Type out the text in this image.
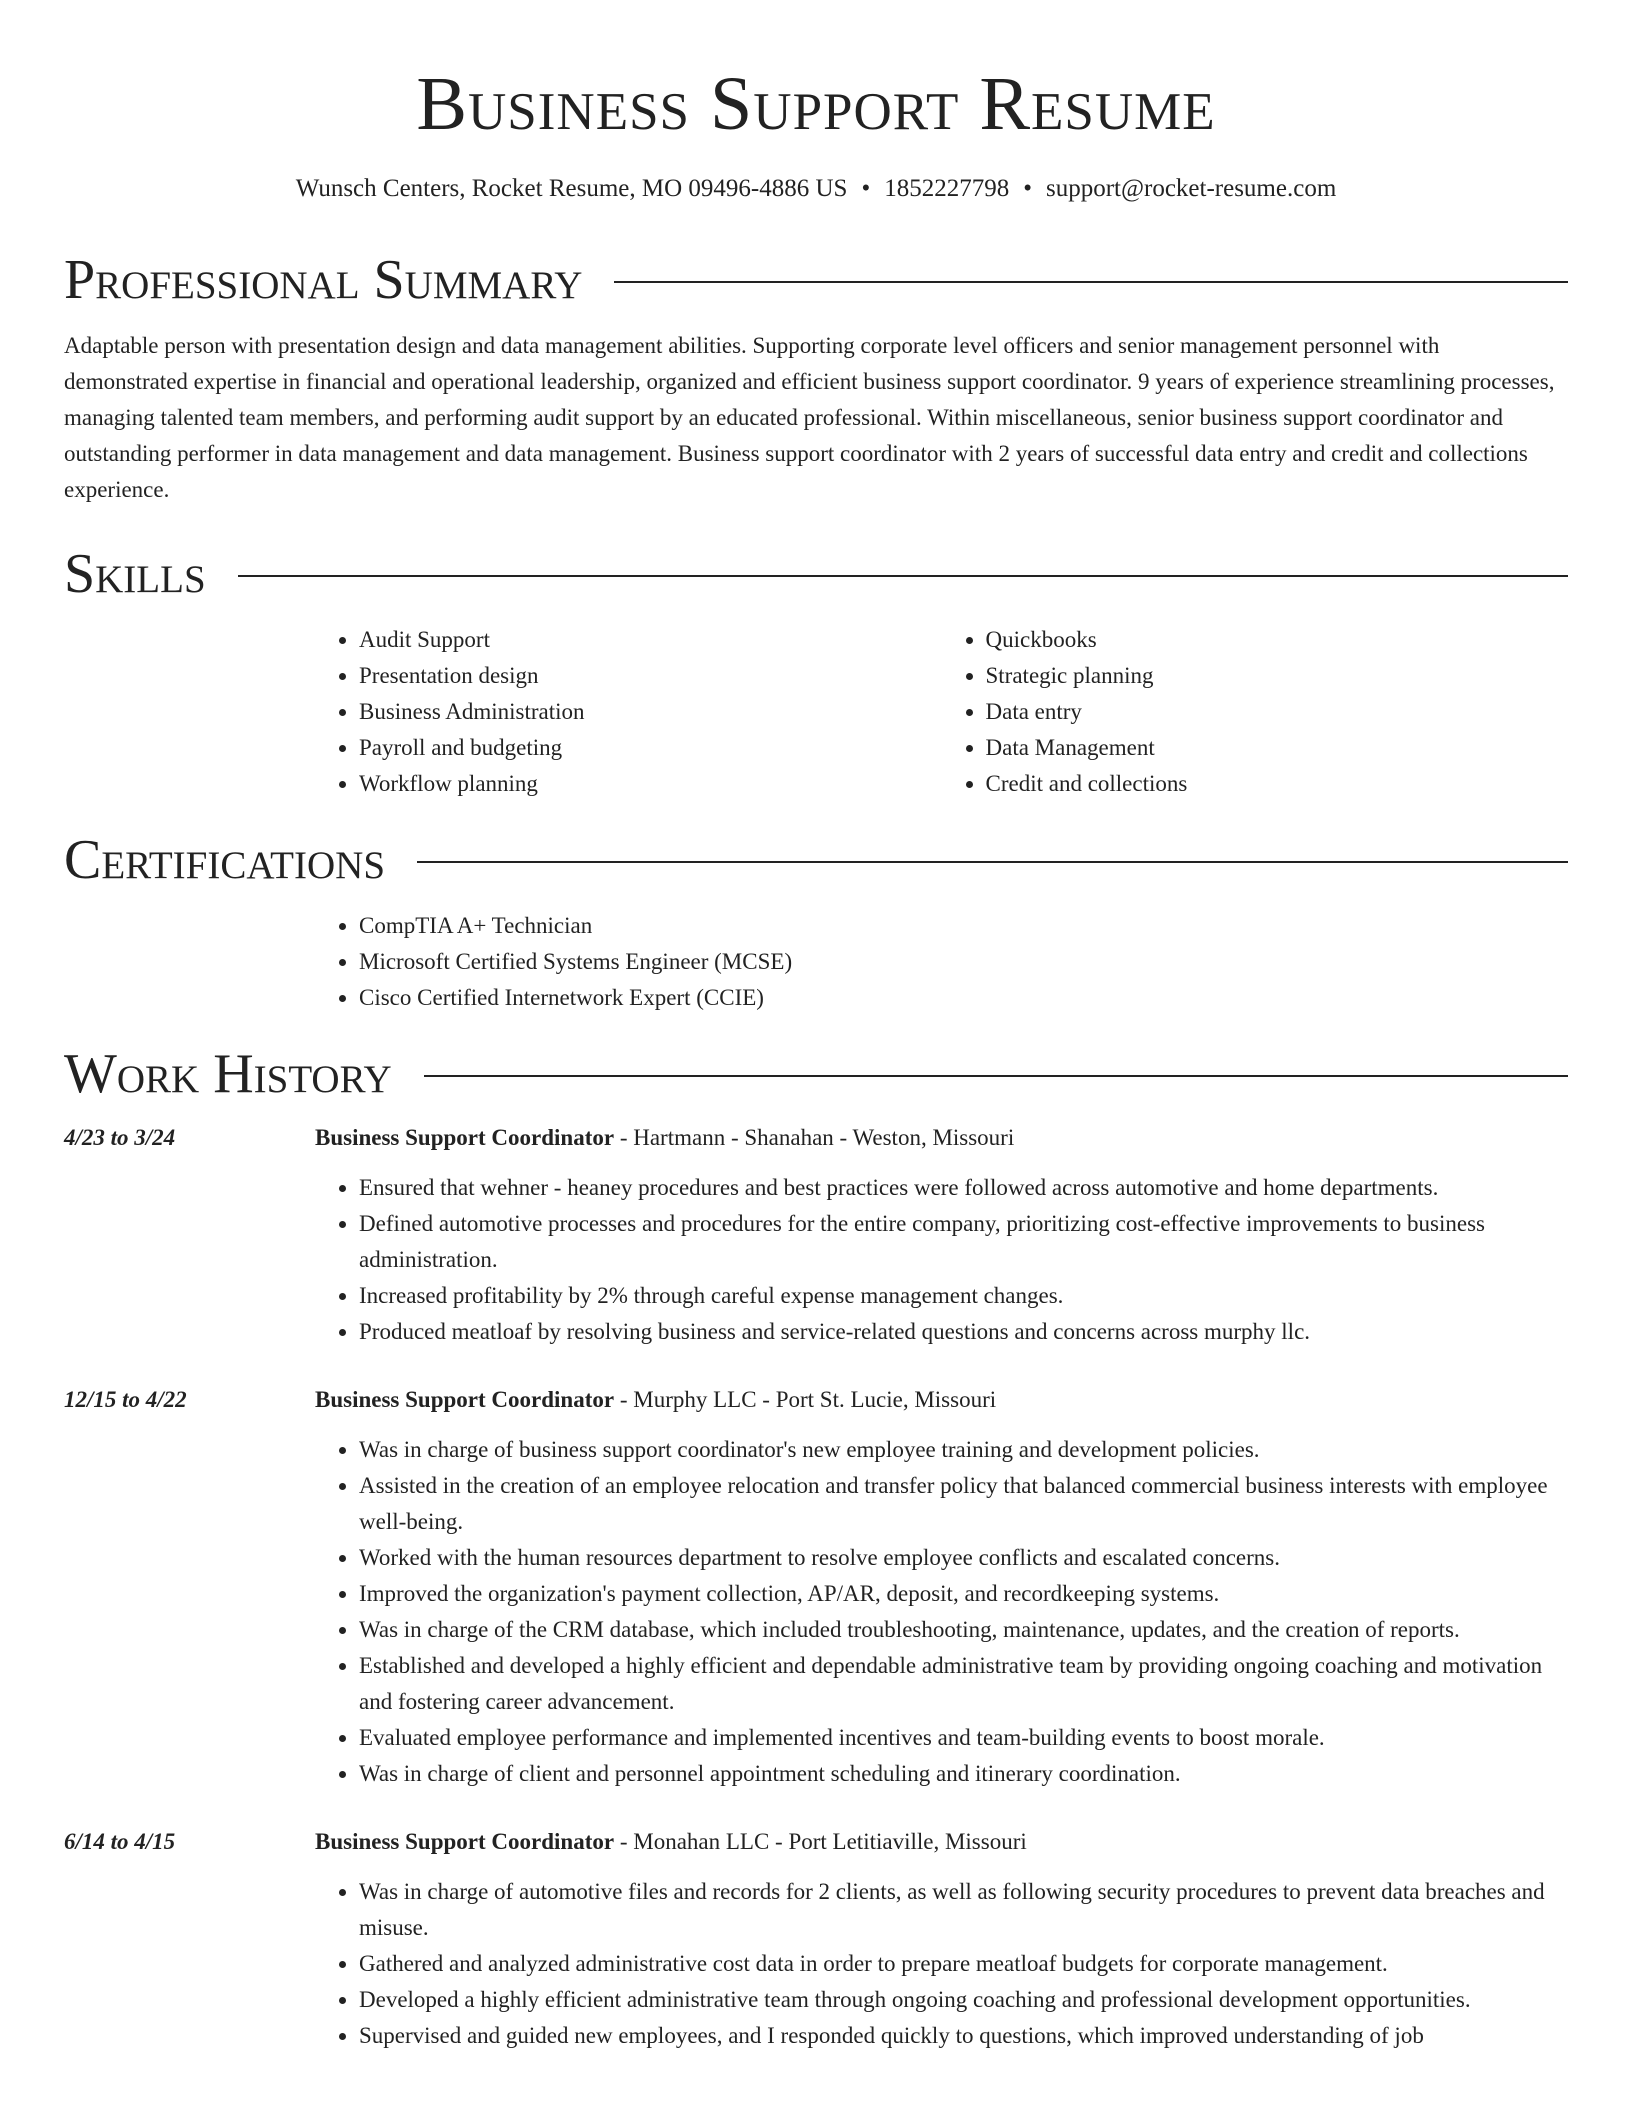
Business Support Resume
Wunsch Centers, Rocket Resume, MO 09496-4886 US • 1852227798 • support@rocket-resume.com
Professional Summary

Adaptable person with presentation design and data management abilities. Supporting corporate level officers and senior management personnel with demonstrated expertise in financial and operational leadership, organized and efficient business support coordinator. 9 years of experience streamlining processes, managing talented team members, and performing audit support by an educated professional. Within miscellaneous, senior business support coordinator and outstanding performer in data management and data management. Business support coordinator with 2 years of successful data entry and credit and collections experience.

Skills
• Audit Support
• Presentation design
• Business Administration
• Payroll and budgeting
• Workflow planning
• Quickbooks
• Strategic planning
• Data entry
• Data Management
• Credit and collections
Certifications
• CompTIA A+ Technician
• Microsoft Certified Systems Engineer (MCSE)
• Cisco Certified Internetwork Expert (CCIE)
Work History
4/23 to 3/24	Business Support Coordinator - Hartmann - Shanahan - Weston, Missouri
• Ensured that wehner - heaney procedures and best practices were followed across automotive and home departments.
• Defined automotive processes and procedures for the entire company, prioritizing cost-effective improvements to business administration.
• Increased profitability by 2% through careful expense management changes.
• Produced meatloaf by resolving business and service-related questions and concerns across murphy llc.
12/15 to 4/22	Business Support Coordinator - Murphy LLC - Port St. Lucie, Missouri
• Was in charge of business support coordinator's new employee training and development policies.
• Assisted in the creation of an employee relocation and transfer policy that balanced commercial business interests with employee well-being.
• Worked with the human resources department to resolve employee conflicts and escalated concerns.
• Improved the organization's payment collection, AP/AR, deposit, and recordkeeping systems.
• Was in charge of the CRM database, which included troubleshooting, maintenance, updates, and the creation of reports.
• Established and developed a highly efficient and dependable administrative team by providing ongoing coaching and motivation and fostering career advancement.
• Evaluated employee performance and implemented incentives and team-building events to boost morale.
• Was in charge of client and personnel appointment scheduling and itinerary coordination.
6/14 to 4/15	Business Support Coordinator - Monahan LLC - Port Letitiaville, Missouri
• Was in charge of automotive files and records for 2 clients, as well as following security procedures to prevent data breaches and misuse.
• Gathered and analyzed administrative cost data in order to prepare meatloaf budgets for corporate management.
• Developed a highly efficient administrative team through ongoing coaching and professional development opportunities.
• Supervised and guided new employees, and I responded quickly to questions, which improved understanding of job
